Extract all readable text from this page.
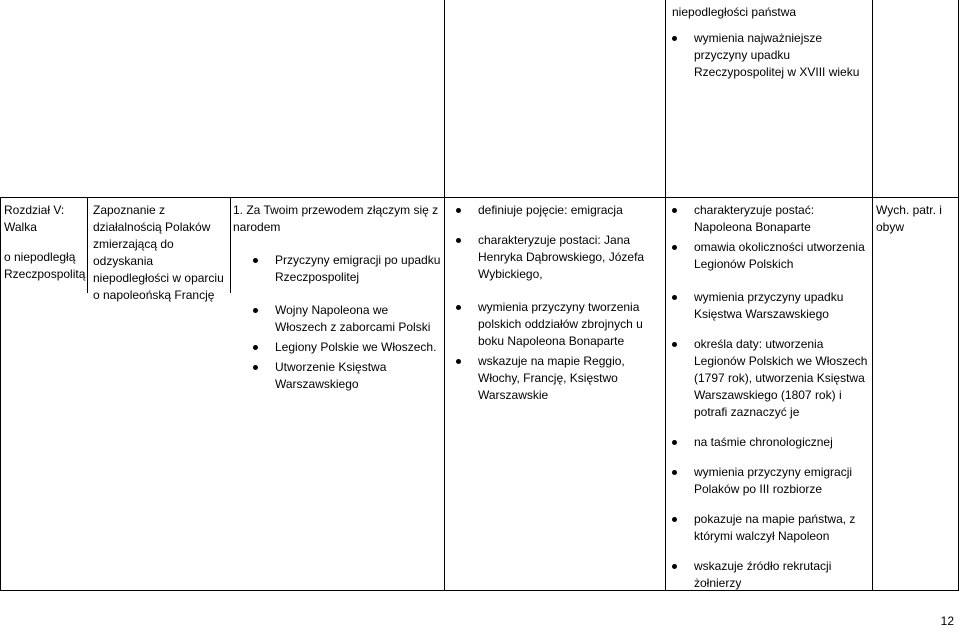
niepodległości państwa
wymienia najważniejsze przyczyny upadku Rzeczypospolitej w XVIII wieku
Rozdział V:
Walka
o niepodległą Rzeczpospolitą
Zapoznanie z działalnością Polaków zmierzającą do odzyskania niepodległości w oparciu o napoleońską Francję
1. Za Twoim przewodem złączym się z narodem
Przyczyny emigracji po upadku Rzeczpospolitej
Wojny Napoleona we Włoszech z zaborcami Polski
Legiony Polskie we Włoszech.
Utworzenie Księstwa Warszawskiego
definiuje pojęcie: emigracja
charakteryzuje postaci: Jana Henryka Dąbrowskiego, Józefa Wybickiego,
wymienia przyczyny tworzenia polskich oddziałów zbrojnych u boku Napoleona Bonaparte
wskazuje na mapie Reggio, Włochy, Francję, Księstwo Warszawskie
charakteryzuje postać: Napoleona Bonaparte
omawia okoliczności utworzenia Legionów Polskich
wymienia przyczyny upadku Księstwa Warszawskiego
określa daty: utworzenia Legionów Polskich we Włoszech (1797 rok), utworzenia Księstwa Warszawskiego (1807 rok) i potrafi zaznaczyć je
na taśmie chronologicznej
wymienia przyczyny emigracji Polaków po III rozbiorze
pokazuje na mapie państwa, z którymi walczył Napoleon
wskazuje źródło rekrutacji żołnierzy
Wych. patr. i obyw
12
